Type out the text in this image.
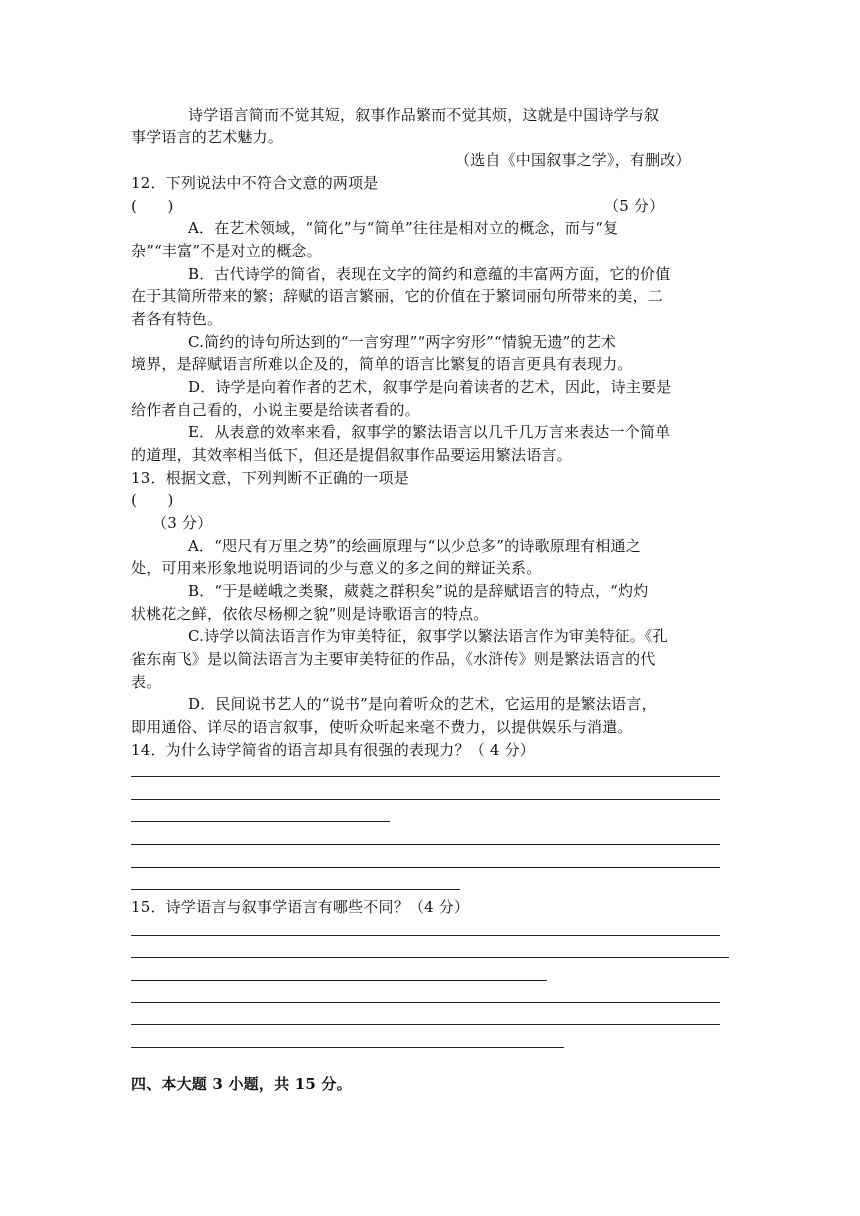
诗学语言简而不觉其短，叙事作品繁而不觉其烦，这就是中国诗学与叙
事学语言的艺术魅力。
（选自《中国叙事之学》，有删改）
12．下列说法中不符合文意的两项是
(　　)	（5 分）
A．在艺术领域，“简化”与“简单”往往是相对立的概念，而与“复
杂”“丰富”不是对立的概念。
B．古代诗学的简省，表现在文字的简约和意蕴的丰富两方面，它的价值
在于其简所带来的繁；辞赋的语言繁丽，它的价值在于繁词丽句所带来的美，二
者各有特色。
C.简约的诗句所达到的“一言穷理”“两字穷形”“情貌无遗”的艺术
境界，是辞赋语言所难以企及的，简单的语言比繁复的语言更具有表现力。
D．诗学是向着作者的艺术，叙事学是向着读者的艺术，因此，诗主要是
给作者自己看的，小说主要是给读者看的。
E．从表意的效率来看，叙事学的繁法语言以几千几万言来表达一个简单
的道理，其效率相当低下，但还是提倡叙事作品要运用繁法语言。
13．根据文意，下列判断不正确的一项是
(　　)
（3 分）
A．“咫尺有万里之势”的绘画原理与“以少总多”的诗歌原理有相通之
处，可用来形象地说明语词的少与意义的多之间的辩证关系。
B．“于是嵯峨之类聚，葳蕤之群积矣”说的是辞赋语言的特点，“灼灼
状桃花之鲜，依依尽杨柳之貌”则是诗歌语言的特点。
C.诗学以简法语言作为审美特征，叙事学以繁法语言作为审美特征。《孔
雀东南飞》是以简法语言为主要审美特征的作品，《水浒传》则是繁法语言的代
表。
D．民间说书艺人的“说书”是向着听众的艺术，它运用的是繁法语言，
即用通俗、详尽的语言叙事，使听众听起来毫不费力，以提供娱乐与消遣。
14．为什么诗学简省的语言却具有很强的表现力？（ 4 分）
15．诗学语言与叙事学语言有哪些不同？（4 分）
四、本大题 3 小题，共 15 分。
